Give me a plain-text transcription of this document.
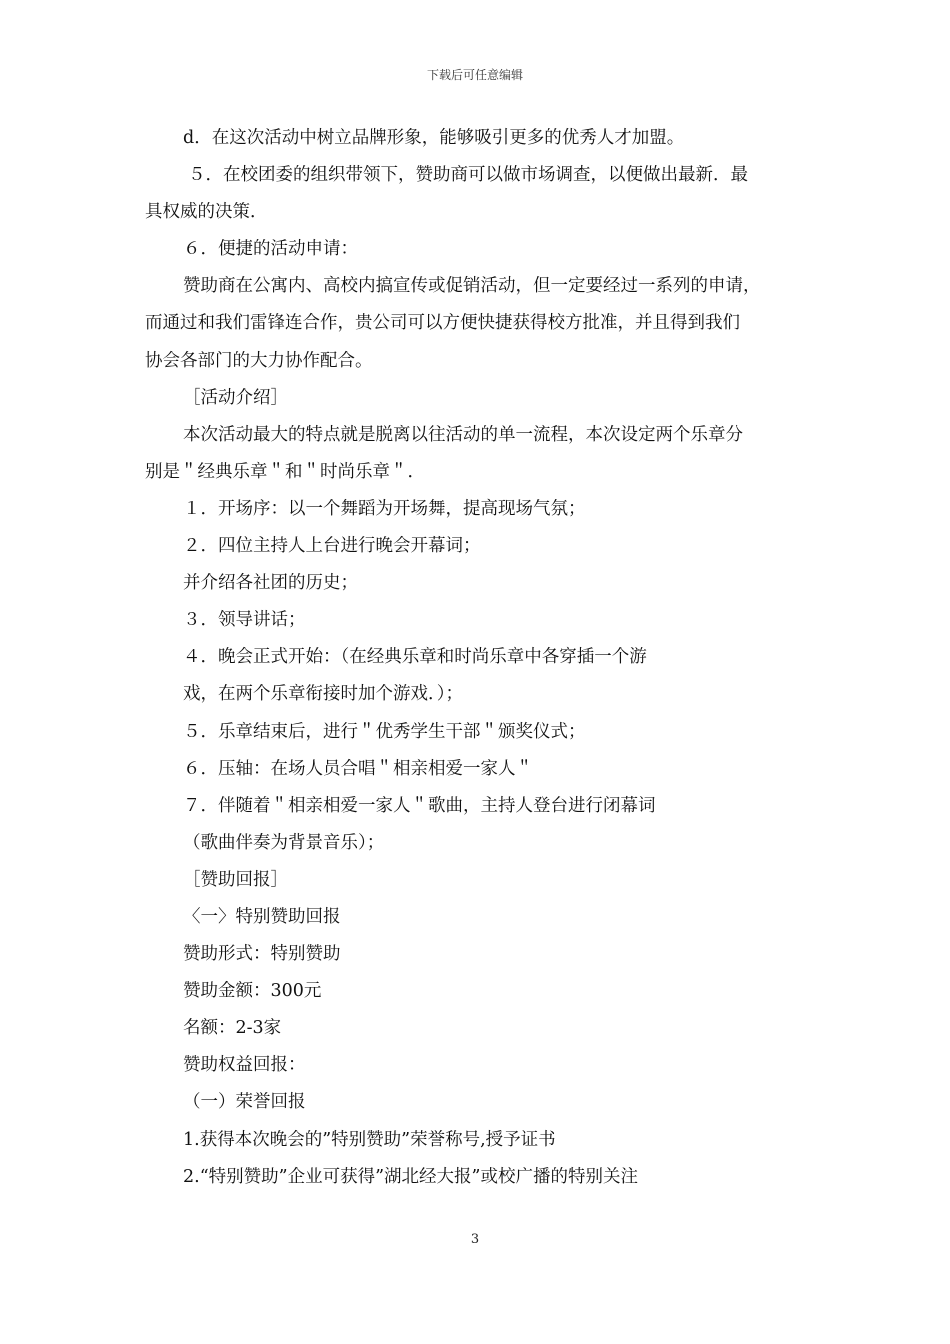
下载后可任意编辑
d．在这次活动中树立品牌形象，能够吸引更多的优秀人才加盟。
５．在校团委的组织带领下，赞助商可以做市场调查，以便做出最新．最
具权威的决策．
６．便捷的活动申请：
赞助商在公寓内、高校内搞宣传或促销活动，但一定要经过一系列的申请，
而通过和我们雷锋连合作，贵公司可以方便快捷获得校方批准，并且得到我们
协会各部门的大力协作配合。
［活动介绍］
本次活动最大的特点就是脱离以往活动的单一流程，本次设定两个乐章分
别是＂经典乐章＂和＂时尚乐章＂．
１．开场序：以一个舞蹈为开场舞，提高现场气氛；
２．四位主持人上台进行晚会开幕词；
并介绍各社团的历史；
３．领导讲话；
４．晚会正式开始：（在经典乐章和时尚乐章中各穿插一个游
戏，在两个乐章衔接时加个游戏．）；
５．乐章结束后，进行＂优秀学生干部＂颁奖仪式；
６．压轴：在场人员合唱＂相亲相爱一家人＂
７．伴随着＂相亲相爱一家人＂歌曲，主持人登台进行闭幕词
（歌曲伴奏为背景音乐）；
［赞助回报］
〈一〉特别赞助回报
赞助形式：特别赞助
赞助金额：300元
名额：2-3家
赞助权益回报：
（一）荣誉回报
1.获得本次晚会的”特别赞助”荣誉称号,授予证书
2.“特别赞助”企业可获得”湖北经大报”或校广播的特别关注
3
